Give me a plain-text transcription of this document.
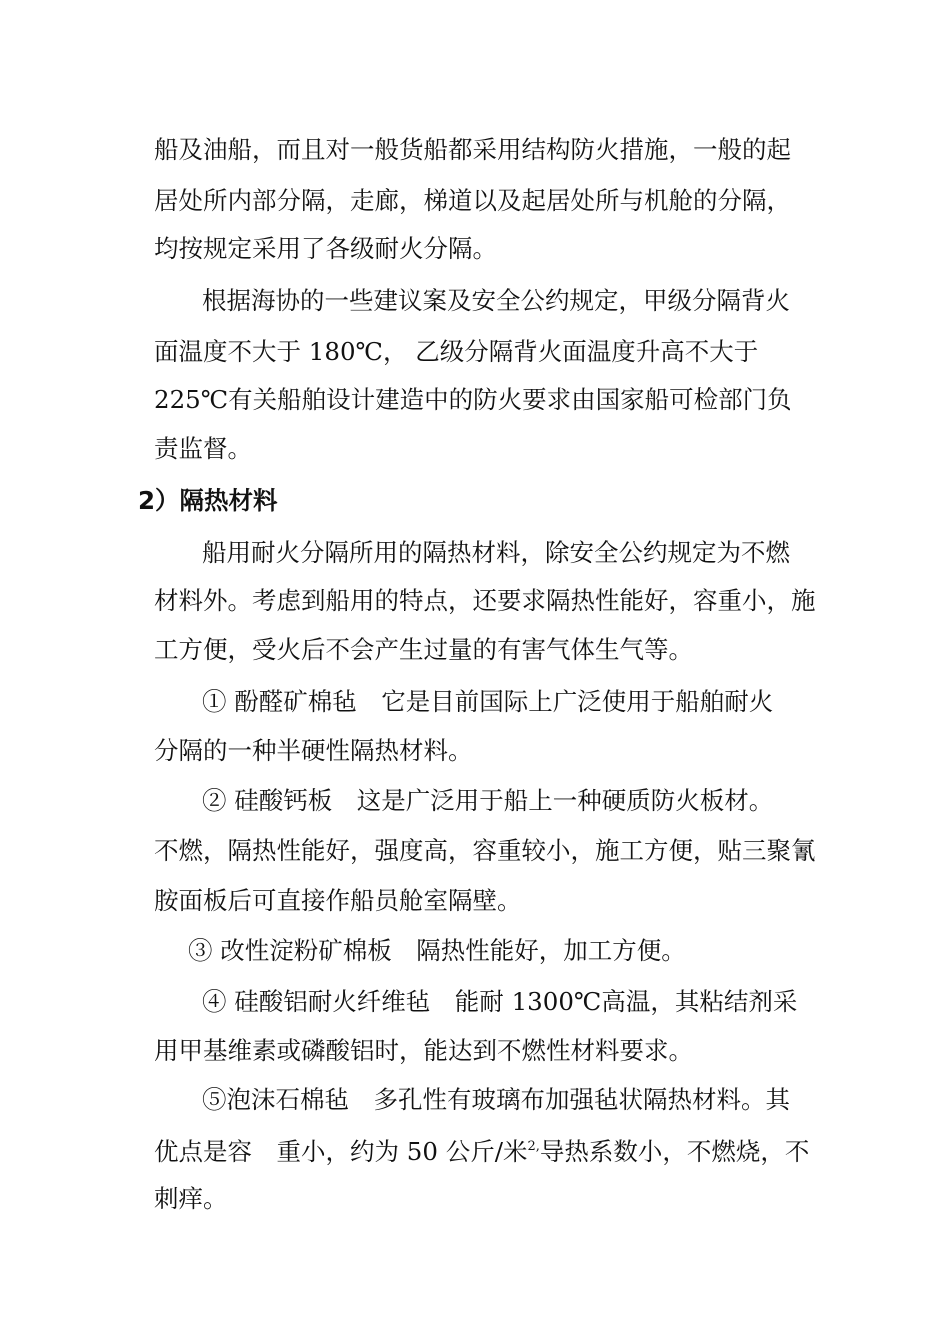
船及油船，而且对一般货船都采用结构防火措施，一般的起
居处所内部分隔，走廊，梯道以及起居处所与机舱的分隔，
均按规定采用了各级耐火分隔。
根据海协的一些建议案及安全公约规定，甲级分隔背火
面温度不大于 180℃， 乙级分隔背火面温度升高不大于
225℃有关船舶设计建造中的防火要求由国家船可检部门负
责监督。
2）隔热材料
船用耐火分隔所用的隔热材料，除安全公约规定为不燃
材料外。考虑到船用的特点，还要求隔热性能好，容重小，施
工方便，受火后不会产生过量的有害气体生气等。
① 酚醛矿棉毡　它是目前国际上广泛使用于船舶耐火
分隔的一种半硬性隔热材料。
② 硅酸钙板　这是广泛用于船上一种硬质防火板材。
不燃，隔热性能好，强度高，容重较小，施工方便，贴三聚氰
胺面板后可直接作船员舱室隔壁。
③ 改性淀粉矿棉板　隔热性能好，加工方便。
④ 硅酸铝耐火纤维毡　能耐 1300℃高温，其粘结剂采
用甲基维素或磷酸铝时，能达到不燃性材料要求。
⑤泡沫石棉毡　多孔性有玻璃布加强毡状隔热材料。其
优点是容　重小，约为 50 公斤/米$^{2,}$导热系数小，不燃烧，不
刺痒。
